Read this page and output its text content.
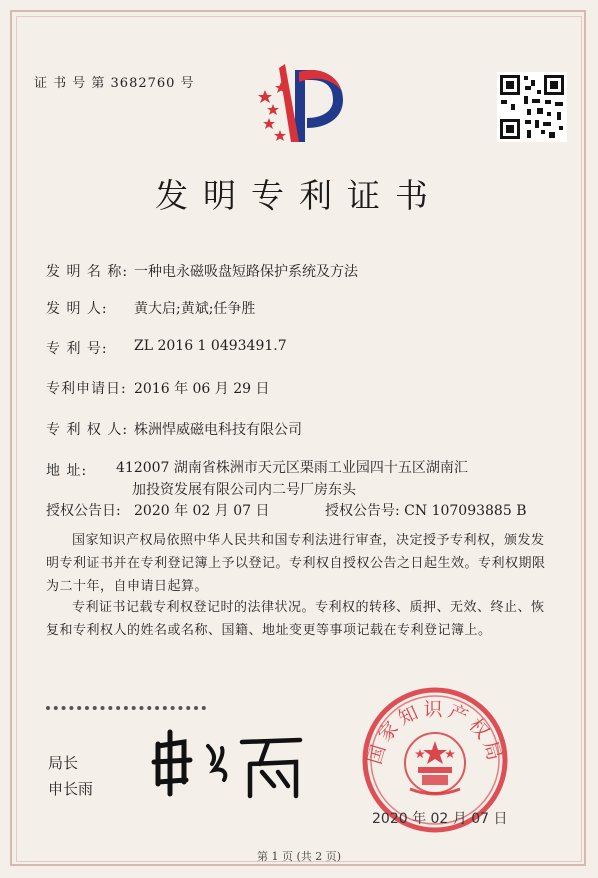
证 书 号 第 3682760 号
发明专利证书
发 明 名 称: 一种电永磁吸盘短路保护系统及方法
发 明 人: 黄大启;黄斌;任争胜
专 利 号: ZL 2016 1 0493491.7
专利申请日: 2016 年 06 月 29 日
专 利 权 人: 株洲悍威磁电科技有限公司
地 址: 412007 湖南省株洲市天元区栗雨工业园四十五区湖南汇
加投资发展有限公司内二号厂房东头
授权公告日: 2020 年 02 月 07 日	授权公告号: CN 107093885 B
国家知识产权局依照中华人民共和国专利法进行审查，决定授予专利权，颁发发明专利证书并在专利登记簿上予以登记。专利权自授权公告之日起生效。专利权期限为二十年，自申请日起算。
专利证书记载专利权登记时的法律状况。专利权的转移、质押、无效、终止、恢复和专利权人的姓名或名称、国籍、地址变更等事项记载在专利登记簿上。
局长
申长雨
国家知识产权局
2020 年 02 月 07 日
第 1 页 (共 2 页)
